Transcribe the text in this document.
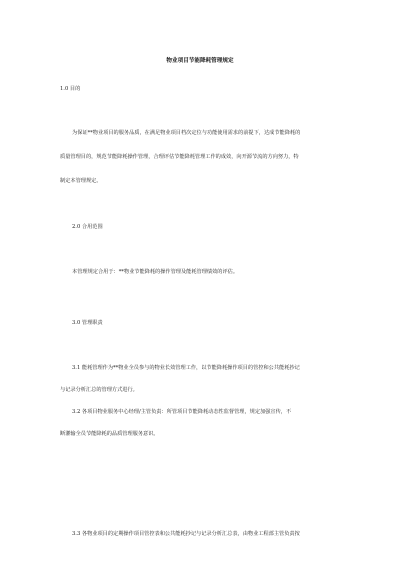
物业项目节能降耗管理规定
1.0 目的
为保证**物业项目的服务品质，在满足物业项目档次定位与功能使用需求的前提下，达成节能降耗的
质量管理目的，规范节能降耗操作管理，合理评估节能降耗管理工作的成效，向开源节流的方向努力，特
制定本管理规定。
2.0 合用范围
本管理规定合用于：**物业节能降耗的操作管理及能耗管理绩效的评估。
3.0 管理职责
3.1 能耗管理作为**物业全员参与的物业长效管理工作，以节能降耗操作项目的管控和公共能耗抄记
与记录分析汇总的管理方式进行。
3.2 各项目物业服务中心经理/主管负责：所管项目节能降耗动态性监督管理，规定加强宣传，不
断灌输全员节能降耗的品质管理服务意识。
3.3 各物业项目的定期操作项目管控表和公共能耗抄记与记录分析汇总表，由物业工程部主管负责按
